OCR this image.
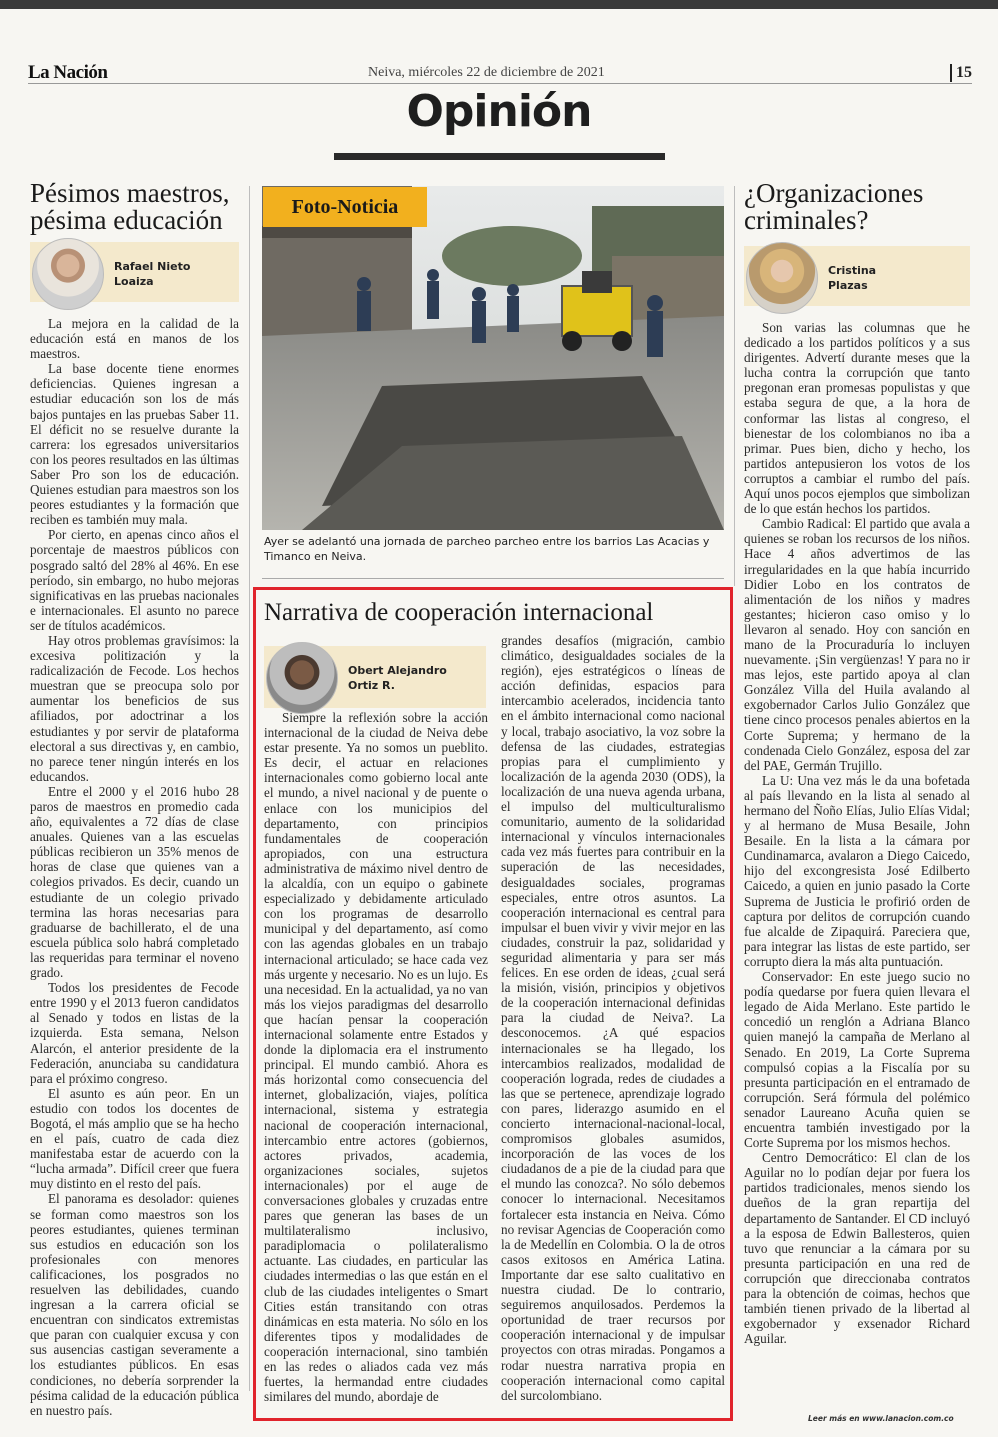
La Nación	Neiva, miércoles 22 de diciembre de 2021	15
Opinión
Pésimos maestros, pésima educación
Rafael Nieto
Loaiza

La mejora en la calidad de la educación está en manos de los maestros.

La base docente tiene enormes deficiencias. Quienes ingresan a estudiar educación son los de más bajos puntajes en las pruebas Saber 11. El déficit no se resuelve durante la carrera: los egresados universitarios con los peores resultados en las últimas Saber Pro son los de educación. Quienes estudian para maestros son los peores estudiantes y la formación que reciben es también muy mala.

Por cierto, en apenas cinco años el porcentaje de maestros públicos con posgrado saltó del 28% al 46%. En ese período, sin embargo, no hubo mejoras significativas en las pruebas nacionales e internacionales. El asunto no parece ser de títulos académicos.

Hay otros problemas gravísimos: la excesiva politización y la radicalización de Fecode. Los hechos muestran que se preocupa solo por aumentar los beneficios de sus afiliados, por adoctrinar a los estudiantes y por servir de plataforma electoral a sus directivas y, en cambio, no parece tener ningún interés en los educandos.

Entre el 2000 y el 2016 hubo 28 paros de maestros en promedio cada año, equivalentes a 72 días de clase anuales. Quienes van a las escuelas públicas recibieron un 35% menos de horas de clase que quienes van a colegios privados. Es decir, cuando un estudiante de un colegio privado termina las horas necesarias para graduarse de bachillerato, el de una escuela pública solo habrá completado las requeridas para terminar el noveno grado.

Todos los presidentes de Fecode entre 1990 y el 2013 fueron candidatos al Senado y todos en listas de la izquierda. Esta semana, Nelson Alarcón, el anterior presidente de la Federación, anunciaba su candidatura para el próximo congreso.

El asunto es aún peor. En un estudio con todos los docentes de Bogotá, el más amplio que se ha hecho en el país, cuatro de cada diez manifestaba estar de acuerdo con la “lucha armada”. Difícil creer que fuera muy distinto en el resto del país.

El panorama es desolador: quienes se forman como maestros son los peores estudiantes, quienes terminan sus estudios en educación son los profesionales con menores calificaciones, los posgrados no resuelven las debilidades, cuando ingresan a la carrera oficial se encuentran con sindicatos extremistas que paran con cualquier excusa y con sus ausencias castigan severamente a los estudiantes públicos. En esas condiciones, no debería sorprender la pésima calidad de la educación pública en nuestro país.

Foto-Noticia
Ayer se adelantó una jornada de parcheo parcheo entre los barrios Las Acacias y Timanco en Neiva.
Narrativa de cooperación internacional
Obert Alejandro
Ortiz R.

Siempre la reflexión sobre la acción internacional de la ciudad de Neiva debe estar presente. Ya no somos un pueblito. Es decir, el actuar en relaciones internacionales como gobierno local ante el mundo, a nivel nacional y de puente o enlace con los municipios del departamento, con principios fundamentales de cooperación apropiados, con una estructura administrativa de máximo nivel dentro de la alcaldía, con un equipo o gabinete especializado y debidamente articulado con los programas de desarrollo municipal y del departamento, así como con las agendas globales en un trabajo internacional articulado; se hace cada vez más urgente y necesario. No es un lujo. Es una necesidad. En la actualidad, ya no van más los viejos paradigmas del desarrollo que hacían pensar la cooperación internacional solamente entre Estados y donde la diplomacia era el instrumento principal. El mundo cambió. Ahora es más horizontal como consecuencia del internet, globalización, viajes, política internacional, sistema y estrategia nacional de cooperación internacional, intercambio entre actores (gobiernos, actores privados, academia, organizaciones sociales, sujetos internacionales) por el auge de conversaciones globales y cruzadas entre pares que generan las bases de un multilateralismo inclusivo, paradiplomacia o polilateralismo actuante. Las ciudades, en particular las ciudades intermedias o las que están en el club de las ciudades inteligentes o Smart Cities están transitando con otras dinámicas en esta materia. No sólo en los diferentes tipos y modalidades de cooperación internacional, sino también en las redes o aliados cada vez más fuertes, la hermandad entre ciudades similares del mundo, abordaje de

grandes desafíos (migración, cambio climático, desigualdades sociales de la región), ejes estratégicos o líneas de acción definidas, espacios para intercambio acelerados, incidencia tanto en el ámbito internacional como nacional y local, trabajo asociativo, la voz sobre la defensa de las ciudades, estrategias propias para el cumplimiento y localización de la agenda 2030 (ODS), la localización de una nueva agenda urbana, el impulso del multiculturalismo comunitario, aumento de la solidaridad internacional y vínculos internacionales cada vez más fuertes para contribuir en la superación de las necesidades, desigualdades sociales, programas especiales, entre otros asuntos. La cooperación internacional es central para impulsar el buen vivir y vivir mejor en las ciudades, construir la paz, solidaridad y seguridad alimentaria y para ser más felices. En ese orden de ideas, ¿cual será la misión, visión, principios y objetivos de la cooperación internacional definidas para la ciudad de Neiva?. La desconocemos. ¿A qué espacios internacionales se ha llegado, los intercambios realizados, modalidad de cooperación lograda, redes de ciudades a las que se pertenece, aprendizaje logrado con pares, liderazgo asumido en el concierto internacional-nacional-local, compromisos globales asumidos, incorporación de las voces de los ciudadanos de a pie de la ciudad para que el mundo las conozca?. No sólo debemos conocer lo internacional. Necesitamos fortalecer esta instancia en Neiva. Cómo no revisar Agencias de Cooperación como la de Medellín en Colombia. O la de otros casos exitosos en América Latina. Importante dar ese salto cualitativo en nuestra ciudad. De lo contrario, seguiremos anquilosados. Perdemos la oportunidad de traer recursos por cooperación internacional y de impulsar proyectos con otras miradas. Pongamos a rodar nuestra narrativa propia en cooperación internacional como capital del surcolombiano.

¿Organizaciones criminales?
Cristina
Plazas

Son varias las columnas que he dedicado a los partidos políticos y a sus dirigentes. Advertí durante meses que la lucha contra la corrupción que tanto pregonan eran promesas populistas y que estaba segura de que, a la hora de conformar las listas al congreso, el bienestar de los colombianos no iba a primar. Pues bien, dicho y hecho, los partidos antepusieron los votos de los corruptos a cambiar el rumbo del país. Aquí unos pocos ejemplos que simbolizan de lo que están hechos los partidos.

Cambio Radical: El partido que avala a quienes se roban los recursos de los niños. Hace 4 años advertimos de las irregularidades en la que había incurrido Didier Lobo en los contratos de alimentación de los niños y madres gestantes; hicieron caso omiso y lo llevaron al senado. Hoy con sanción en mano de la Procuraduría lo incluyen nuevamente. ¡Sin vergüenzas! Y para no ir mas lejos, este partido apoya al clan González Villa del Huila avalando al exgobernador Carlos Julio González que tiene cinco procesos penales abiertos en la Corte Suprema; y hermano de la condenada Cielo González, esposa del zar del PAE, Germán Trujillo.

La U: Una vez más le da una bofetada al país llevando en la lista al senado al hermano del Ñoño Elías, Julio Elías Vidal; y al hermano de Musa Besaile, John Besaile. En la lista a la cámara por Cundinamarca, avalaron a Diego Caicedo, hijo del excongresista José Edilberto Caicedo, a quien en junio pasado la Corte Suprema de Justicia le profirió orden de captura por delitos de corrupción cuando fue alcalde de Zipaquirá. Pareciera que, para integrar las listas de este partido, ser corrupto diera la más alta puntuación.

Conservador: En este juego sucio no podía quedarse por fuera quien llevara el legado de Aida Merlano. Este partido le concedió un renglón a Adriana Blanco quien manejó la campaña de Merlano al Senado. En 2019, La Corte Suprema compulsó copias a la Fiscalía por su presunta participación en el entramado de corrupción. Será fórmula del polémico senador Laureano Acuña quien se encuentra también investigado por la Corte Suprema por los mismos hechos.

Centro Democrático: El clan de los Aguilar no lo podían dejar por fuera los partidos tradicionales, menos siendo los dueños de la gran repartija del departamento de Santander. El CD incluyó a la esposa de Edwin Ballesteros, quien tuvo que renunciar a la cámara por su presunta participación en una red de corrupción que direccionaba contratos para la obtención de coimas, hechos que también tienen privado de la libertad al exgobernador y exsenador Richard Aguilar.

Leer más en www.lanacion.com.co
